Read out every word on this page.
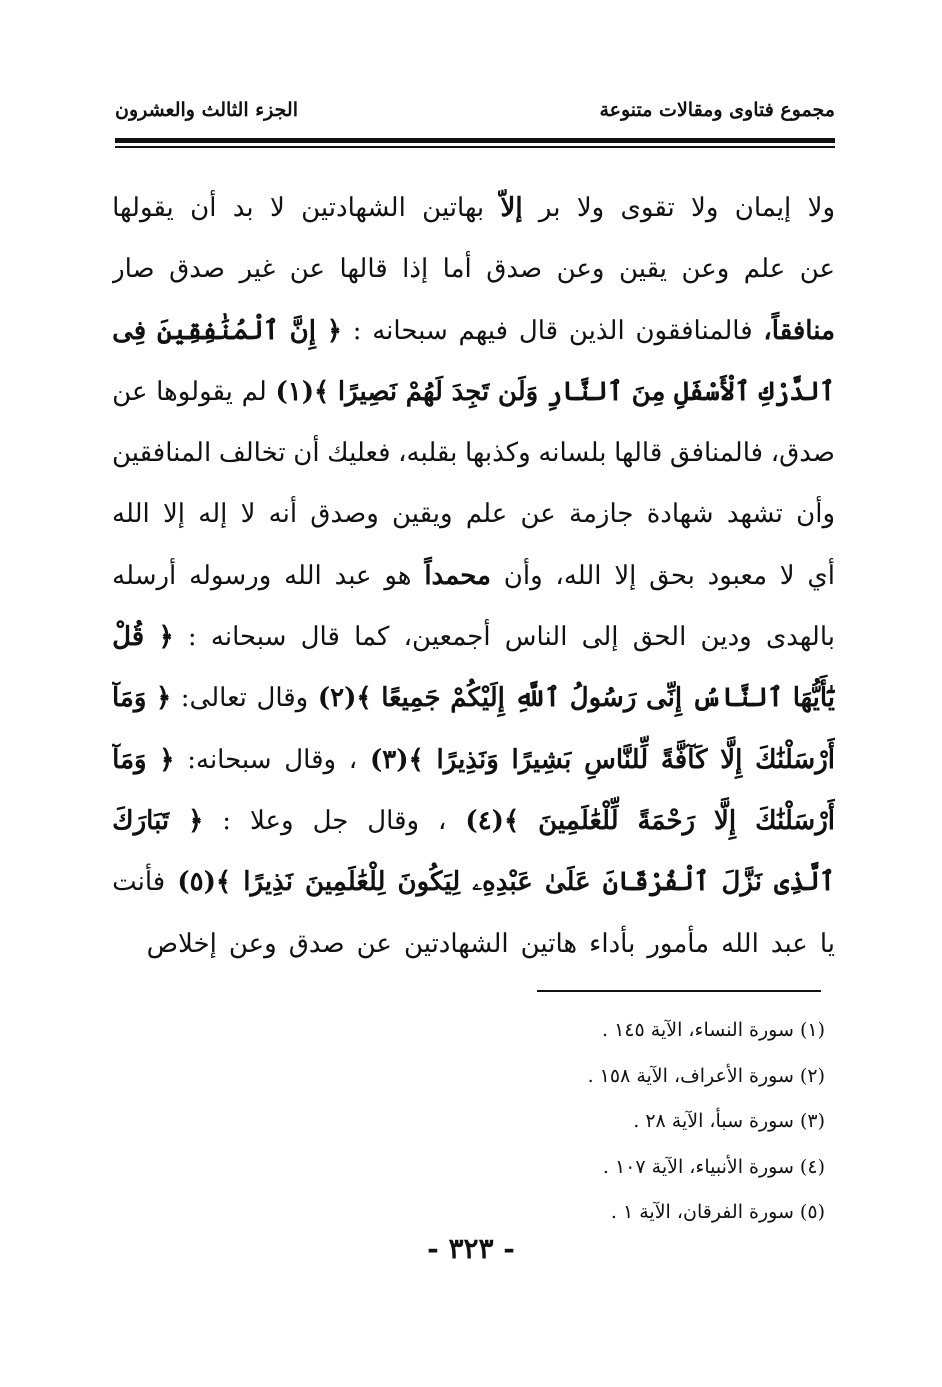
مجموع فتاوى ومقالات متنوعة
الجزء الثالث والعشرون
ولا
إيمان
ولا
تقوى
ولا
بر
إلاّ
بهاتين
الشهادتين
لا
بد
أن
يقولها
عن
علم
وعن
يقين
وعن
صدق
أما
إذا
قالها
عن
غير
صدق
صار
منافقاً،
فالمنافقون
الذين
قال
فيهم
سبحانه
:
﴿
إِنَّ
ٱلْمُنَٰفِقِينَ
فِى
ٱلدَّرْكِ
ٱلْأَسْفَلِ
مِنَ
ٱلنَّارِ
وَلَن
تَجِدَ
لَهُمْ
نَصِيرًا
﴾(١)
لم
يقولوها
عن
صدق،
فالمنافق
قالها
بلسانه
وكذبها
بقلبه،
فعليك
أن
تخالف
المنافقين
وأن
تشهد
شهادة
جازمة
عن
علم
ويقين
وصدق
أنه
لا
إله
إلا
الله
أي
لا
معبود
بحق
إلا
الله،
وأن
محمداً
هو
عبد
الله
ورسوله
أرسله
بالهدى
ودين
الحق
إلى
الناس
أجمعين،
كما
قال
سبحانه
:
﴿
قُلْ
يَٰٓأَيُّهَا
ٱلنَّاسُ
إِنِّى
رَسُولُ
ٱللَّهِ
إِلَيْكُمْ
جَمِيعًا
﴾(٢)
وقال
تعالى:
﴿
وَمَآ
أَرْسَلْنَٰكَ
إِلَّا
كَآفَّةً
لِّلنَّاسِ
بَشِيرًا
وَنَذِيرًا
﴾(٣)
،
وقال
سبحانه:
﴿
وَمَآ
أَرْسَلْنَٰكَ
إِلَّا
رَحْمَةً
لِّلْعَٰلَمِينَ
﴾(٤)
،
وقال
جل
وعلا
:
﴿
تَبَارَكَ
ٱلَّذِى
نَزَّلَ
ٱلْفُرْقَانَ
عَلَىٰ
عَبْدِهِۦ
لِيَكُونَ
لِلْعَٰلَمِينَ
نَذِيرًا
﴾(٥)
فأنت
يا
عبد
الله
مأمور
بأداء
هاتين
الشهادتين
عن
صدق
وعن
إخلاص
(١) سورة النساء، الآية ١٤٥ .
(٢) سورة الأعراف، الآية ١٥٨ .
(٣) سورة سبأ، الآية ٢٨ .
(٤) سورة الأنبياء، الآية ١٠٧ .
(٥) سورة الفرقان، الآية ١ .
- ٣٢٣ -
